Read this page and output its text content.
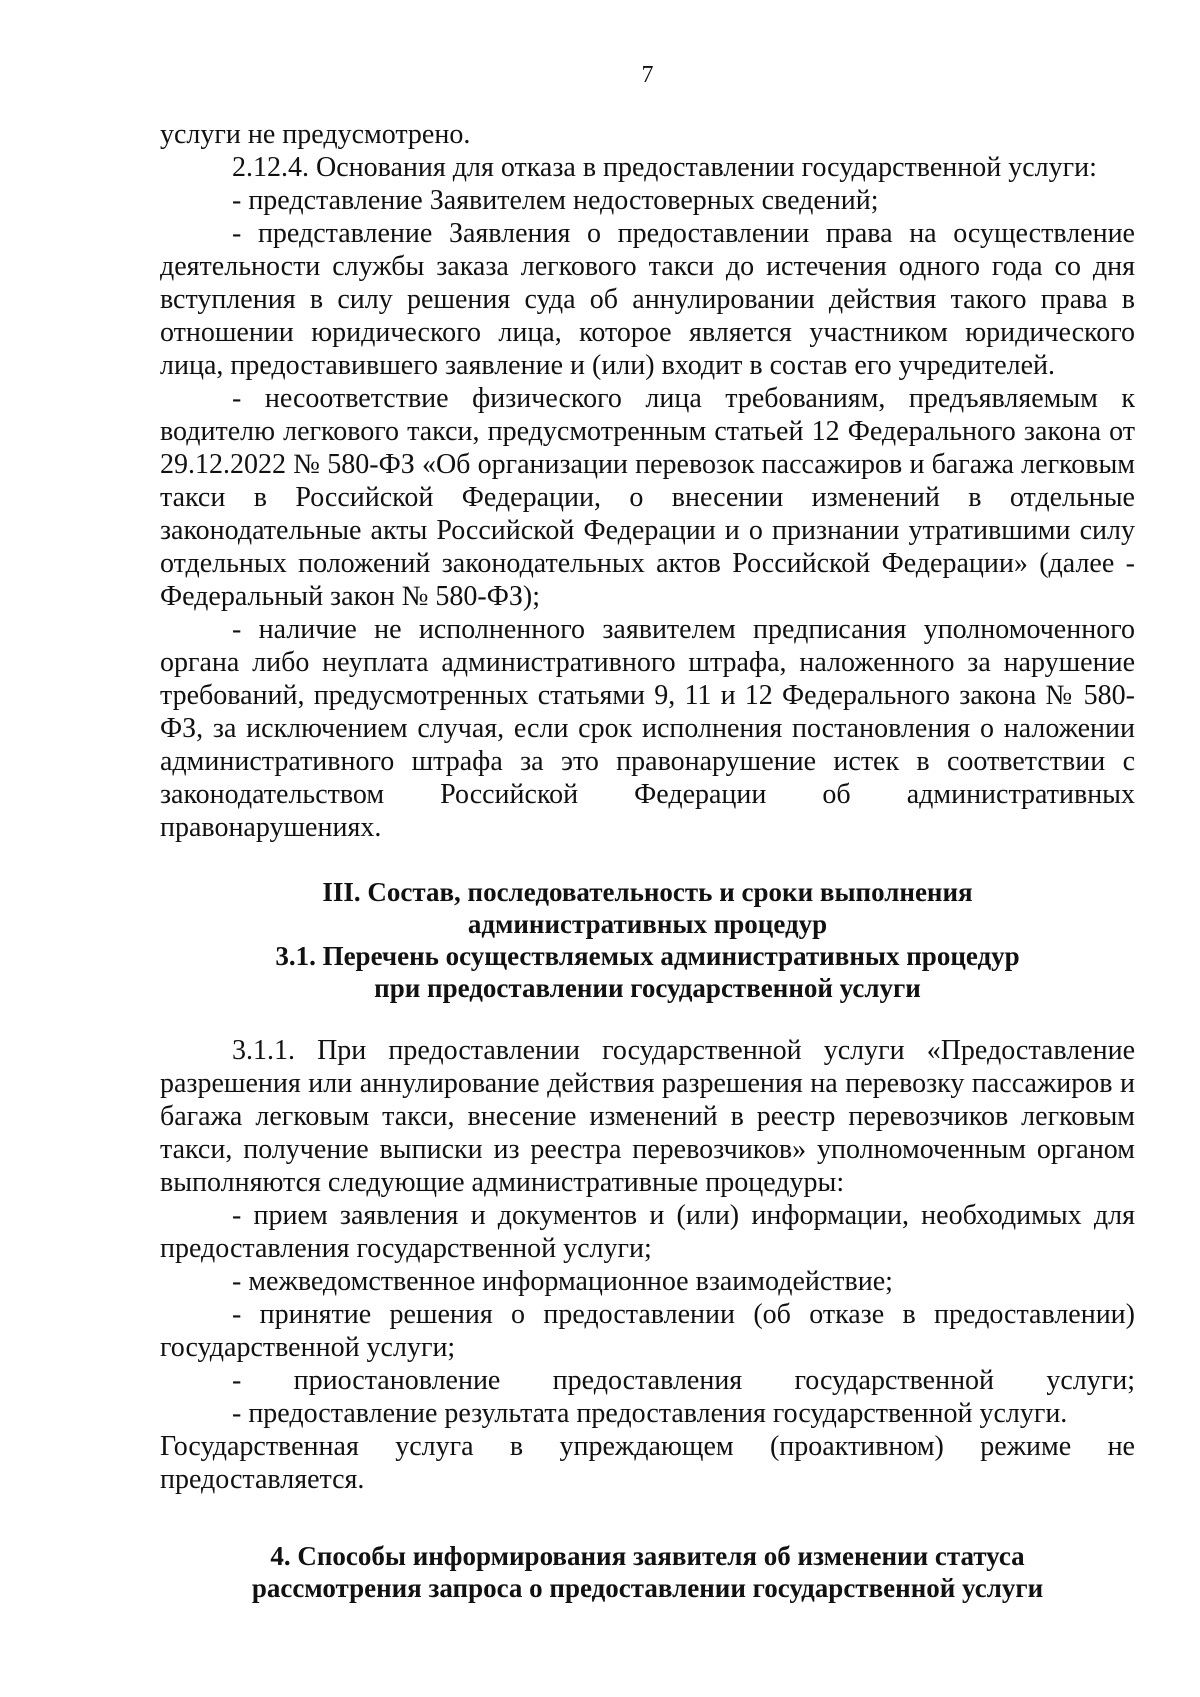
7

услуги не предусмотрено.

2.12.4. Основания для отказа в предоставлении государственной услуги:

- представление Заявителем недостоверных сведений;

- представление Заявления о предоставлении права на осуществление деятельности службы заказа легкового такси до истечения одного года со дня вступления в силу решения суда об аннулировании действия такого права в отношении юридического лица, которое является участником юридического лица, предоставившего заявление и (или) входит в состав его учредителей.

- несоответствие физического лица требованиям, предъявляемым к водителю легкового такси, предусмотренным статьей 12 Федерального закона от 29.12.2022 № 580-ФЗ «Об организации перевозок пассажиров и багажа легковым такси в Российской Федерации, о внесении изменений в отдельные законодательные акты Российской Федерации и о признании утратившими силу отдельных положений законодательных актов Российской Федерации» (далее - Федеральный закон № 580-ФЗ);

- наличие не исполненного заявителем предписания уполномоченного органа либо неуплата административного штрафа, наложенного за нарушение требований, предусмотренных статьями 9, 11 и 12 Федерального закона № 580-ФЗ, за исключением случая, если срок исполнения постановления о наложении административного штрафа за это правонарушение истек в соответствии с законодательством Российской Федерации об административных правонарушениях.

III. Состав, последовательность и сроки выполнения
административных процедур
3.1. Перечень осуществляемых административных процедур
при предоставлении государственной услуги

3.1.1. При предоставлении государственной услуги «Предоставление разрешения или аннулирование действия разрешения на перевозку пассажиров и багажа легковым такси, внесение изменений в реестр перевозчиков легковым такси, получение выписки из реестра перевозчиков» уполномоченным органом выполняются следующие административные процедуры:

- прием заявления и документов и (или) информации, необходимых для предоставления государственной услуги;

- межведомственное информационное взаимодействие;

- принятие решения о предоставлении (об отказе в предоставлении) государственной услуги;

- приостановление предоставления государственной услуги;

- предоставление результата предоставления государственной услуги.

Государственная услуга в упреждающем (проактивном) режиме не предоставляется.

4. Способы информирования заявителя об изменении статуса
рассмотрения запроса о предоставлении государственной услуги
